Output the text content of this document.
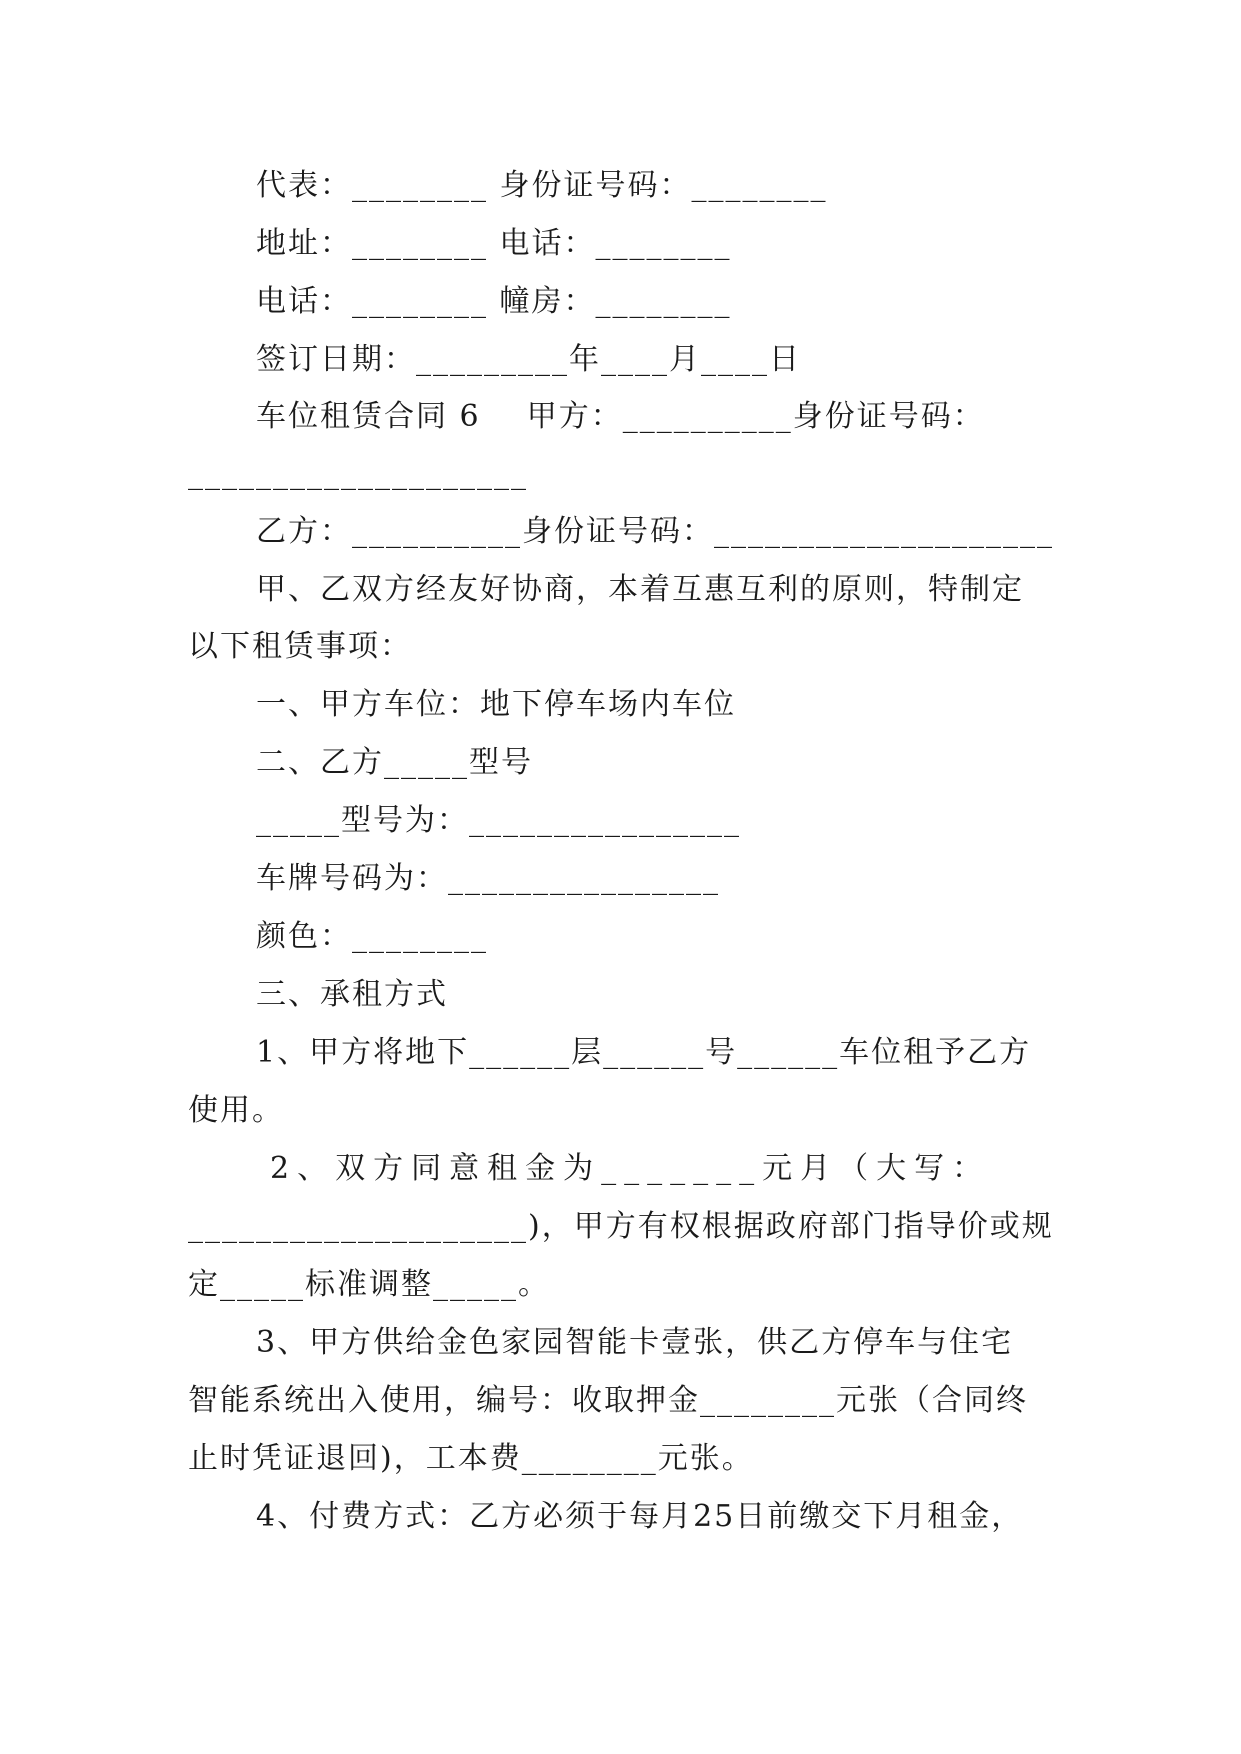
代表：________ 身份证号码：________
地址：________ 电话：________
电话：________ 幢房：________
签订日期：_________年____月____日
车位租赁合同 6    甲方：__________身份证号码：
____________________
乙方：__________身份证号码：____________________
甲、乙双方经友好协商，本着互惠互利的原则，特制定
以下租赁事项：
一、甲方车位：地下停车场内车位
二、乙方_____型号
_____型号为：________________
车牌号码为：________________
颜色：________
三、承租方式
1、甲方将地下______层______号______车位租予乙方
使用。
2、双方同意租金为_______元月（大写：
____________________)，甲方有权根据政府部门指导价或规
定_____标准调整_____。
3、甲方供给金色家园智能卡壹张，供乙方停车与住宅
智能系统出入使用，编号：收取押金________元张（合同终
止时凭证退回)，工本费________元张。
4、付费方式：乙方必须于每月25日前缴交下月租金，
